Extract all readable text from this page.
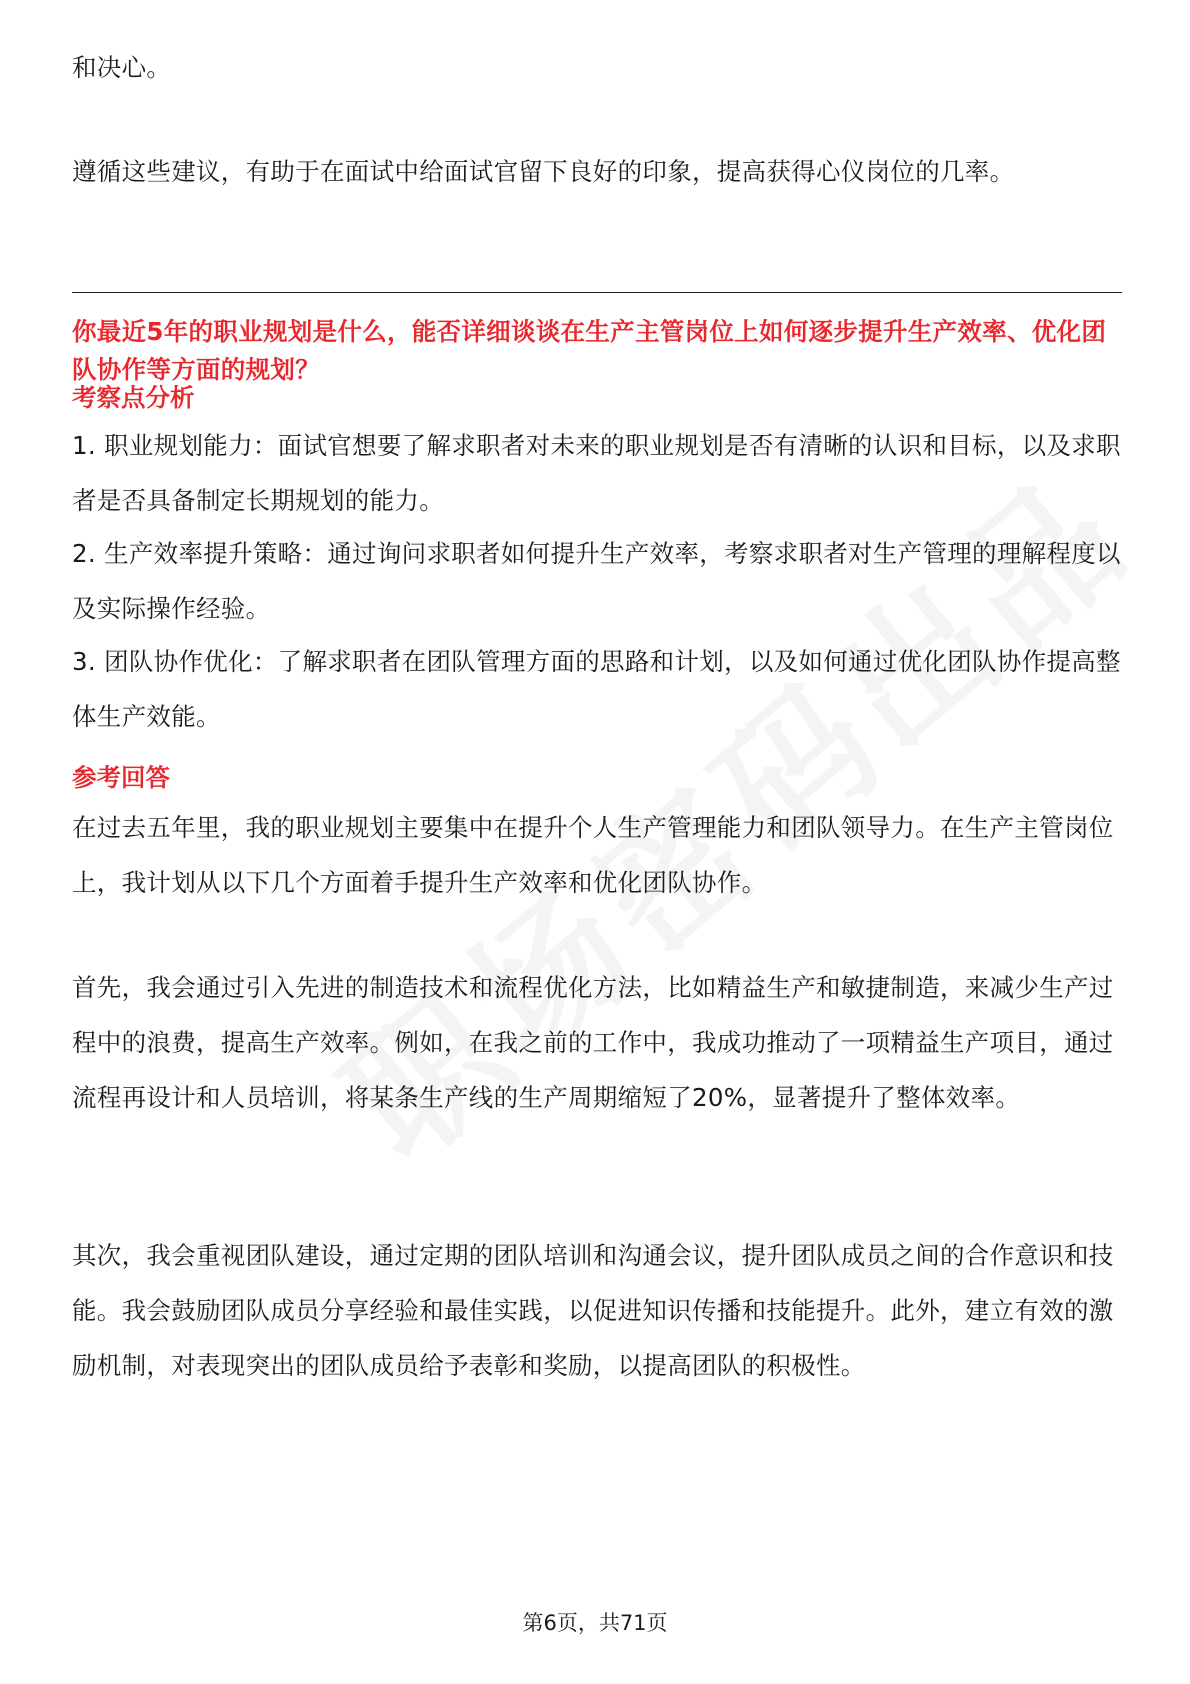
和决心。

遵循这些建议，有助于在面试中给面试官留下良好的印象，提高获得心仪岗位的几率。

你最近5年的职业规划是什么，能否详细谈谈在生产主管岗位上如何逐步提升生产效率、优化团队协作等方面的规划？

考察点分析

1. 职业规划能力：面试官想要了解求职者对未来的职业规划是否有清晰的认识和目标，以及求职者是否具备制定长期规划的能力。

2. 生产效率提升策略：通过询问求职者如何提升生产效率，考察求职者对生产管理的理解程度以及实际操作经验。

3. 团队协作优化：了解求职者在团队管理方面的思路和计划，以及如何通过优化团队协作提高整体生产效能。

参考回答

在过去五年里，我的职业规划主要集中在提升个人生产管理能力和团队领导力。在生产主管岗位上，我计划从以下几个方面着手提升生产效率和优化团队协作。

首先，我会通过引入先进的制造技术和流程优化方法，比如精益生产和敏捷制造，来减少生产过程中的浪费，提高生产效率。例如，在我之前的工作中，我成功推动了一项精益生产项目，通过流程再设计和人员培训，将某条生产线的生产周期缩短了20%，显著提升了整体效率。

其次，我会重视团队建设，通过定期的团队培训和沟通会议，提升团队成员之间的合作意识和技能。我会鼓励团队成员分享经验和最佳实践，以促进知识传播和技能提升。此外，建立有效的激励机制，对表现突出的团队成员给予表彰和奖励，以提高团队的积极性。

第6页，共71页
